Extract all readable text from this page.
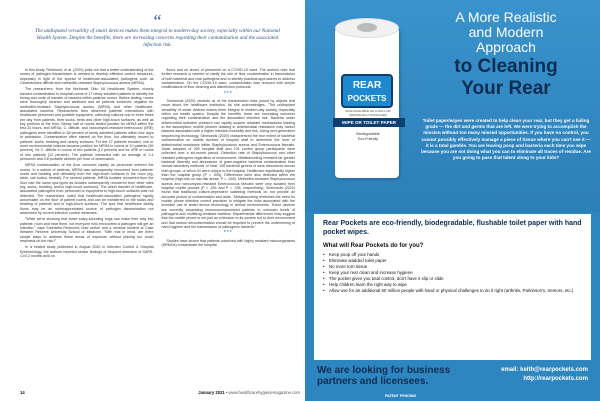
“

The undisputed versatility of smart devices makes them integral to modern-day society, especially within our National Health System. Despite the benefits, there are increasing concerns regarding their contamination and the associated infection risk.

In this study, Redmond, et al. (2020) point out that a better understanding of the routes of pathogen transmission is needed to develop effective control measures, especially in light of the spread of healthcare-associated pathogens such as Clostridioides difficile and methicillin-resistant Staphylococcus aureus (MRSA).

The researchers, from the Northeast Ohio VA Healthcare System, closely tracked contamination in hospital rooms of 17 newly admitted patients to identify the timing and route of transfer of bacteria within patients' rooms. Before testing, rooms were thoroughly cleaned and sanitized and all patients screened negative for methicillin-resistant Staphylococcus aureus (MRSA) and other healthcare-associated bacteria. Researchers then observed patients' interactions with healthcare personnel and portable equipment, collecting cultures one to three times per day from patients, their socks, beds and other high-touch surfaces, as well as key portions of the floor. Nearly half of rooms tested positive for MRSA within the first 24 hours, and MRSA, C. difficile, and vancomycin-resistant enterococci (VRE) pathogens were identified in 58 percent of newly admitted patients within four days of admission. Contamination often started on the floor, but ultimately moved to patients' socks, bedding and nearby surfaces. For the 17 patients enrolled, one or more environmental cultures became positive for MRSA in rooms of 10 patients (59 percent), for C. difficile in rooms of two patients (12 percent) and for VRE in rooms of two patients (12 percent). The patients interacted with an average of 2.4 personnel and 0.8 portable devices per hour of observation.

MRSA contamination of the floor occurred rapidly as personnel entered the rooms. In a subset of patients, MRSA was subsequently recovered from patients' socks and bedding and ultimately from the high-touch surfaces in the room (eg, table, call button, bedrail). For several patients, MRSA isolates recovered from the floor had the same spa types as isolates subsequently recovered from other sites (eg, socks, bedding, and/or high-touch surfaces). The direct transfer of healthcare-associated pathogens from personnel or equipment to high-touch surfaces was not detected. The researchers noted that healthcare-associated pathogens rapidly accumulate on the floor of patient rooms and can be transferred to the socks and bedding of patients and to high-touch surfaces. The spot that healthcare facility floors may be an underappreciated source of pathogen dissemination not addressed by current infection control measures.

"While we're showing that these scary-sounding bugs can make their way into patients' room and near them, not everyone who encounters a pathogen will get an infection," says Sreelatha Redmond, lead author and a medical student at Case Western Reserve University School of Medicine. "With that in mind, are there simple ways to address these areas of exposure without placing too much emphasis on the risk?"

In a related study published in August 2020 in Infection Control & Hospital Epidemiology, the authors reported similar findings of frequent detection of SARS-CoV-2 nucleic acid on

floors and on shoes of personnel on a COVID-19 ward. The authors note that further research is needed to clarify the role of floor contamination in transmission of both bacterial and viral pathogens and to identify practical approaches to address contamination. On the COVID-19 ward, contamination was reduced with simple modifications of floor cleaning and disinfection protocols.

***

Simmonds (2020) reminds us of the transmission risks posed by objects that move about the healthcare institution. As she acknowledges, "The undisputed versatility of smart devices makes them integral to modern-day society, especially within our health system. Despite the benefits, there are increasing concerns regarding their contamination and the associated infection risk. Bacteria under antimicrobial selective pressure can rapidly acquire resistant mechanisms leading to the assumption; mobile phones drawing in antimicrobial resistance may harbor bacteria associated with a higher infection morbidity and risk. Using next-generation sequencing technology, Simmonds (2020) characterized the true extent of bacterial contamination on mobile devices of hospital staff to determine the level of antimicrobial resistance within Staphylococcus aureus and Enterococcus faecalis. Swab samples of 250 hospital staff and 101 control group participants were collected over a six-month period. Detection rate of Staphylococcus and other resistant pathogens regardless of environment. Metabarcoding revealed far greater bacterial diversity and abundance of gram-negative bacterial contamination than clinical laboratory methods. In total, 108 bacterial genera of were discovered across both groups, of which 34 were unique to the hospital. Healthcare significantly higher than the hospital group (P = .005). Differences were also detected within the hospital (high-risk vs low-risk areas; P = .049). Methicillin-resistant Staphylococcus aureus and vancomycin-resistant Enterococcus faecalis were only isolated from hospital mobile phones (P < .001 and P = .036, respectively). Simmonds (2020) found that traditional culture-dependent swabbing methods do not provide an accurate picture of contamination and adds, "Metabarcoding reinforces the need for mobile phone infection control practices to mitigate the risks associated with the increase use of smart device technology in clinical environments. These devices are currently separating immunocompromised patients to unknown levels of pathogens and multidrug-resistant bacteria. Departmental differences may suggest that the mobile phone is not just an extension to its owners but to their environment and that routine decontamination should be required to prevent the undermining of hand hygiene and the transmission of pathogenic bacteria."

***

Studies have shown that patients colonized with highly resistant microorganisms (HRMOs) contaminate the hospital

14	January 2021 • www.healthcarehygienemagazine.com
REAR
POCKETS
NOW AVAILABLE ON A ROLL OR INDIVIDUALLY PACKAGED
WIPE OR TOILET PAPER
Biodegradable
Eco-Friendly
A More Realistic
and Modern
Approach
to Cleaning
Your Rear

Toilet paper/wipes were created to help clean your rear, but they get a failing grade — the dirt and germs that are left. We were trying to accomplish the mission without too many missed opportunities. If you have no control, you cannot possibly effectively manage a piece of tissue where you can't see it — it is a total gamble. You are leaving poop and bacteria each time you wipe because you are not doing what you can to eliminate all traces of residue. Are you going to pass that talent along to your kids?

Rear Pockets are eco-friendly, biodegradable, flushable toilet paper with hand pocket wipes.

What will Rear Pockets do for you?

• Keep poop off your hands
• Eliminate wadded toilet paper
• No more torn tissue
• Keep your rear clean and increase hygiene
• The pocket gives you total control, don't have it slip or slide
• Help children learn the right way to wipe
• Allow use for an additional 50 million people with hand or physical challenges to do it right (arthritis, Parkinson's, tremors, etc.)

We are looking for business partners and licensees.

email: keith@rearpockets.com
http://rearpockets.com
PATENT PENDING
